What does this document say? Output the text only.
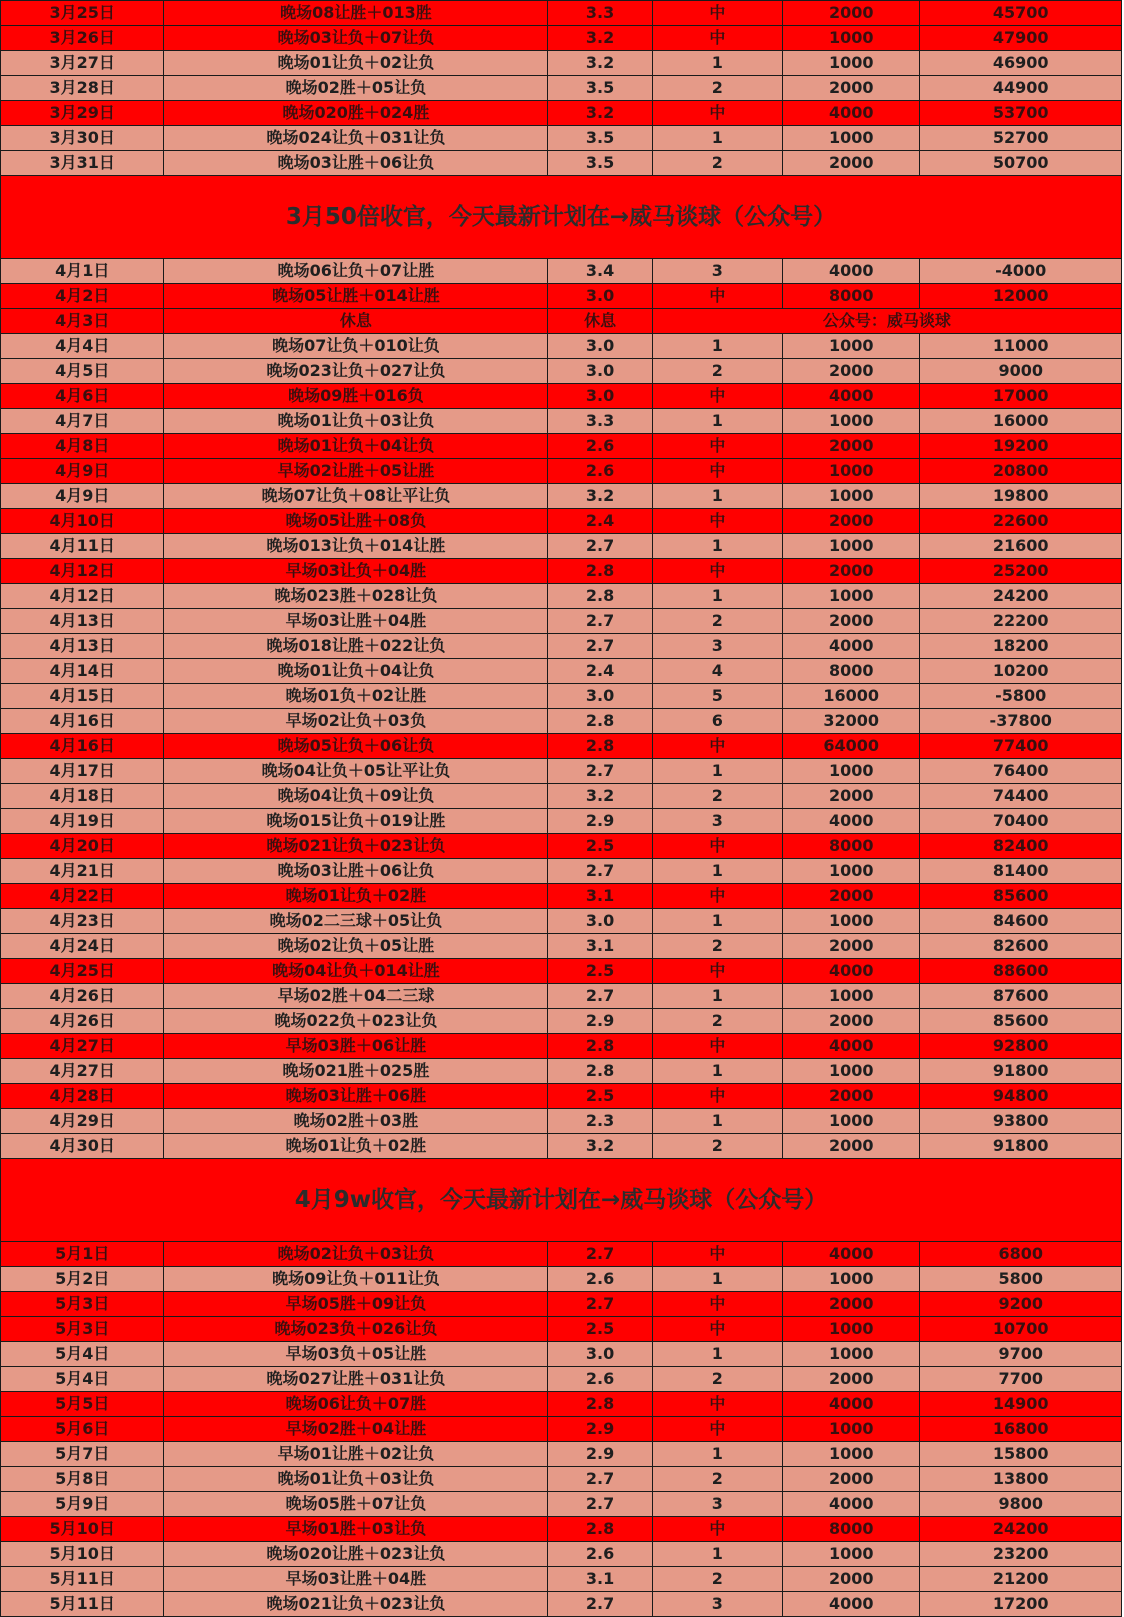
3月25日	晚场08让胜＋013胜	3.3	中	2000	45700
3月26日	晚场03让负＋07让负	3.2	中	1000	47900
3月27日	晚场01让负＋02让负	3.2	1	1000	46900
3月28日	晚场02胜＋05让负	3.5	2	2000	44900
3月29日	晚场020胜＋024胜	3.2	中	4000	53700
3月30日	晚场024让负＋031让负	3.5	1	1000	52700
3月31日	晚场03让胜＋06让负	3.5	2	2000	50700
3月50倍收官，今天最新计划在→威马谈球（公众号）					
4月1日	晚场06让负＋07让胜	3.4	3	4000	-4000
4月2日	晚场05让胜＋014让胜	3.0	中	8000	12000
4月3日	休息	休息	公众号：威马谈球		
4月4日	晚场07让负＋010让负	3.0	1	1000	11000
4月5日	晚场023让负＋027让负	3.0	2	2000	9000
4月6日	晚场09胜＋016负	3.0	中	4000	17000
4月7日	晚场01让负＋03让负	3.3	1	1000	16000
4月8日	晚场01让负＋04让负	2.6	中	2000	19200
4月9日	早场02让胜＋05让胜	2.6	中	1000	20800
4月9日	晚场07让负＋08让平让负	3.2	1	1000	19800
4月10日	晚场05让胜＋08负	2.4	中	2000	22600
4月11日	晚场013让负＋014让胜	2.7	1	1000	21600
4月12日	早场03让负＋04胜	2.8	中	2000	25200
4月12日	晚场023胜＋028让负	2.8	1	1000	24200
4月13日	早场03让胜＋04胜	2.7	2	2000	22200
4月13日	晚场018让胜＋022让负	2.7	3	4000	18200
4月14日	晚场01让负＋04让负	2.4	4	8000	10200
4月15日	晚场01负＋02让胜	3.0	5	16000	-5800
4月16日	早场02让负＋03负	2.8	6	32000	-37800
4月16日	晚场05让负＋06让负	2.8	中	64000	77400
4月17日	晚场04让负＋05让平让负	2.7	1	1000	76400
4月18日	晚场04让负＋09让负	3.2	2	2000	74400
4月19日	晚场015让负＋019让胜	2.9	3	4000	70400
4月20日	晚场021让负＋023让负	2.5	中	8000	82400
4月21日	晚场03让胜＋06让负	2.7	1	1000	81400
4月22日	晚场01让负＋02胜	3.1	中	2000	85600
4月23日	晚场02二三球＋05让负	3.0	1	1000	84600
4月24日	晚场02让负＋05让胜	3.1	2	2000	82600
4月25日	晚场04让负＋014让胜	2.5	中	4000	88600
4月26日	早场02胜＋04二三球	2.7	1	1000	87600
4月26日	晚场022负＋023让负	2.9	2	2000	85600
4月27日	早场03胜＋06让胜	2.8	中	4000	92800
4月27日	晚场021胜＋025胜	2.8	1	1000	91800
4月28日	晚场03让胜＋06胜	2.5	中	2000	94800
4月29日	晚场02胜＋03胜	2.3	1	1000	93800
4月30日	晚场01让负＋02胜	3.2	2	2000	91800
4月9w收官，今天最新计划在→威马谈球（公众号）					
5月1日	晚场02让负＋03让负	2.7	中	4000	6800
5月2日	晚场09让负＋011让负	2.6	1	1000	5800
5月3日	早场05胜＋09让负	2.7	中	2000	9200
5月3日	晚场023负＋026让负	2.5	中	1000	10700
5月4日	早场03负＋05让胜	3.0	1	1000	9700
5月4日	晚场027让胜＋031让负	2.6	2	2000	7700
5月5日	晚场06让负＋07胜	2.8	中	4000	14900
5月6日	早场02胜＋04让胜	2.9	中	1000	16800
5月7日	早场01让胜＋02让负	2.9	1	1000	15800
5月8日	晚场01让负＋03让负	2.7	2	2000	13800
5月9日	晚场05胜＋07让负	2.7	3	4000	9800
5月10日	早场01胜＋03让负	2.8	中	8000	24200
5月10日	晚场020让胜＋023让负	2.6	1	1000	23200
5月11日	早场03让胜＋04胜	3.1	2	2000	21200
5月11日	晚场021让负＋023让负	2.7	3	4000	17200
